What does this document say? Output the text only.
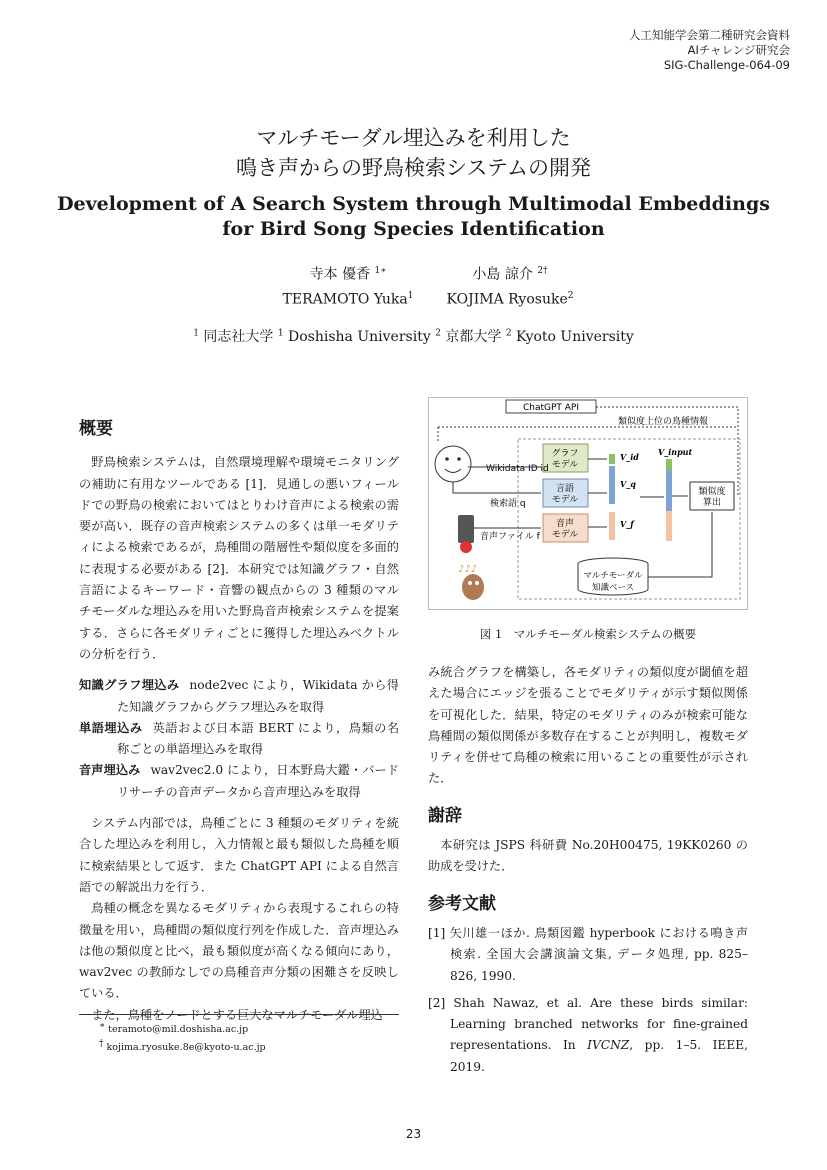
人工知能学会第二種研究会資料
AIチャレンジ研究会
SIG-Challenge-064-09
マルチモーダル埋込みを利用した
鳴き声からの野鳥検索システムの開発
Development of A Search System through Multimodal Embeddings
for Bird Song Species Identification
寺本 優香 $^{1∗}$
TERAMOTO Yuka$^1$
小島 諒介 $^{2\dagger}$
KOJIMA Ryosuke$^2$
$^1$ 同志社大学 $^1$ Doshisha University $^2$ 京都大学 $^2$ Kyoto University
概要

野鳥検索システムは，自然環境理解や環境モニタリングの補助に有用なツールである [1]．見通しの悪いフィールドでの野鳥の検索においてはとりわけ音声による検索の需要が高い．既存の音声検索システムの多くは単一モダリティによる検索であるが，鳥種間の階層性や類似度を多面的に表現する必要がある [2]．本研究では知識グラフ・自然言語によるキーワード・音響の観点からの 3 種類のマルチモーダルな埋込みを用いた野鳥音声検索システムを提案する．さらに各モダリティごとに獲得した埋込みベクトルの分析を行う．

知識グラフ埋込み node2vec により，Wikidata から得た知識グラフからグラフ埋込みを取得

単語埋込み 英語および日本語 BERT により，鳥類の名称ごとの単語埋込みを取得

音声埋込み wav2vec2.0 により，日本野鳥大鑑・バードリサーチの音声データから音声埋込みを取得

システム内部では，鳥種ごとに 3 種類のモダリティを統合した埋込みを利用し，入力情報と最も類似した鳥種を順に検索結果として返す．また ChatGPT API による自然言語での解説出力を行う．

鳥種の概念を異なるモダリティから表現するこれらの特徴量を用い，鳥種間の類似度行列を作成した．音声埋込みは他の類似度と比べ，最も類似度が高くなる傾向にあり，wav2vec の教師なしでの鳥種音声分類の困難さを反映している．

また，鳥種をノードとする巨大なマルチモーダル埋込

ChatGPT API
類似度上位の鳥種情報
グラフ
モデル
言語
モデル
音声
モデル
Wikidata ID id
検索語 q
音声ファイル f
♪♪♪
V_id
V_q
V_f
V_input
類似度
算出
マルチモーダル
知識ベース
図 1　マルチモーダル検索システムの概要

み統合グラフを構築し，各モダリティの類似度が閾値を超えた場合にエッジを張ることでモダリティが示す類似関係を可視化した．結果，特定のモダリティのみが検索可能な鳥種間の類似関係が多数存在することが判明し，複数モダリティを併せて鳥種の検索に用いることの重要性が示された．

謝辞

本研究は JSPS 科研費 No.20H00475, 19KK0260 の助成を受けた．

参考文献

[1] 矢川雄一ほか. 鳥類図鑑 hyperbook における鳴き声検索. 全国大会講演論文集, データ処理, pp. 825–826, 1990.

[2] Shah Nawaz, et al. Are these birds similar: Learning branched networks for fine-grained representations. In IVCNZ, pp. 1–5. IEEE, 2019.

∗ teramoto@mil.doshisha.ac.jp
† kojima.ryosuke.8e@kyoto-u.ac.jp
23
